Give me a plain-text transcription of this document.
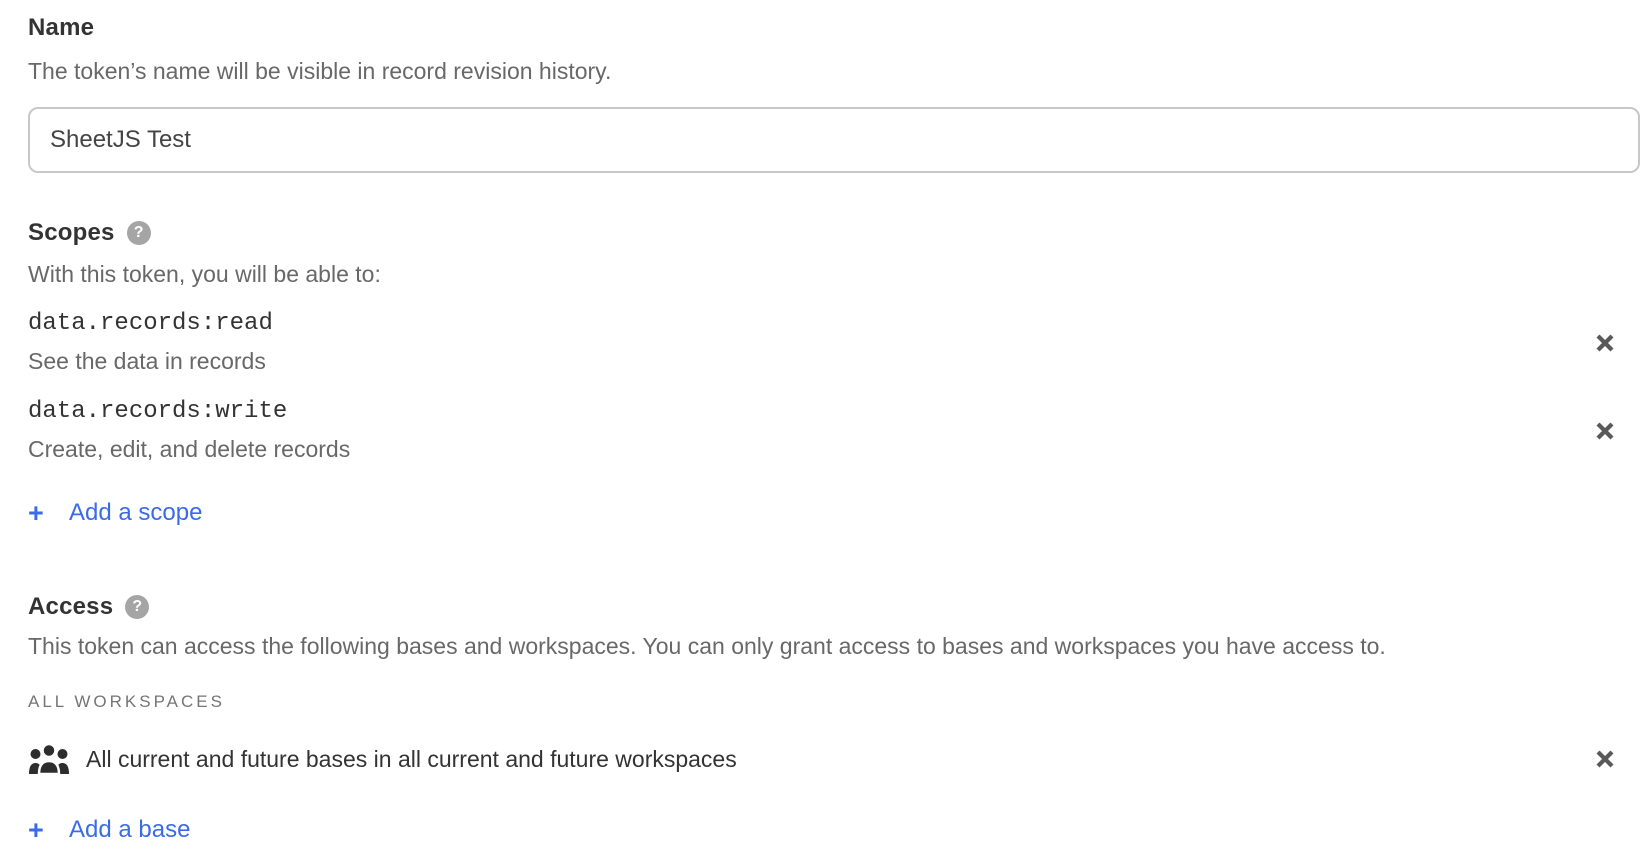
Name
The token’s name will be visible in record revision history.
SheetJS Test
Scopes	?
With this token, you will be able to:
data.records:read
See the data in records
data.records:write
Create, edit, and delete records
+	Add a scope
Access	?
This token can access the following bases and workspaces. You can only grant access to bases and workspaces you have access to.
ALL WORKSPACES
All current and future bases in all current and future workspaces
+	Add a base
